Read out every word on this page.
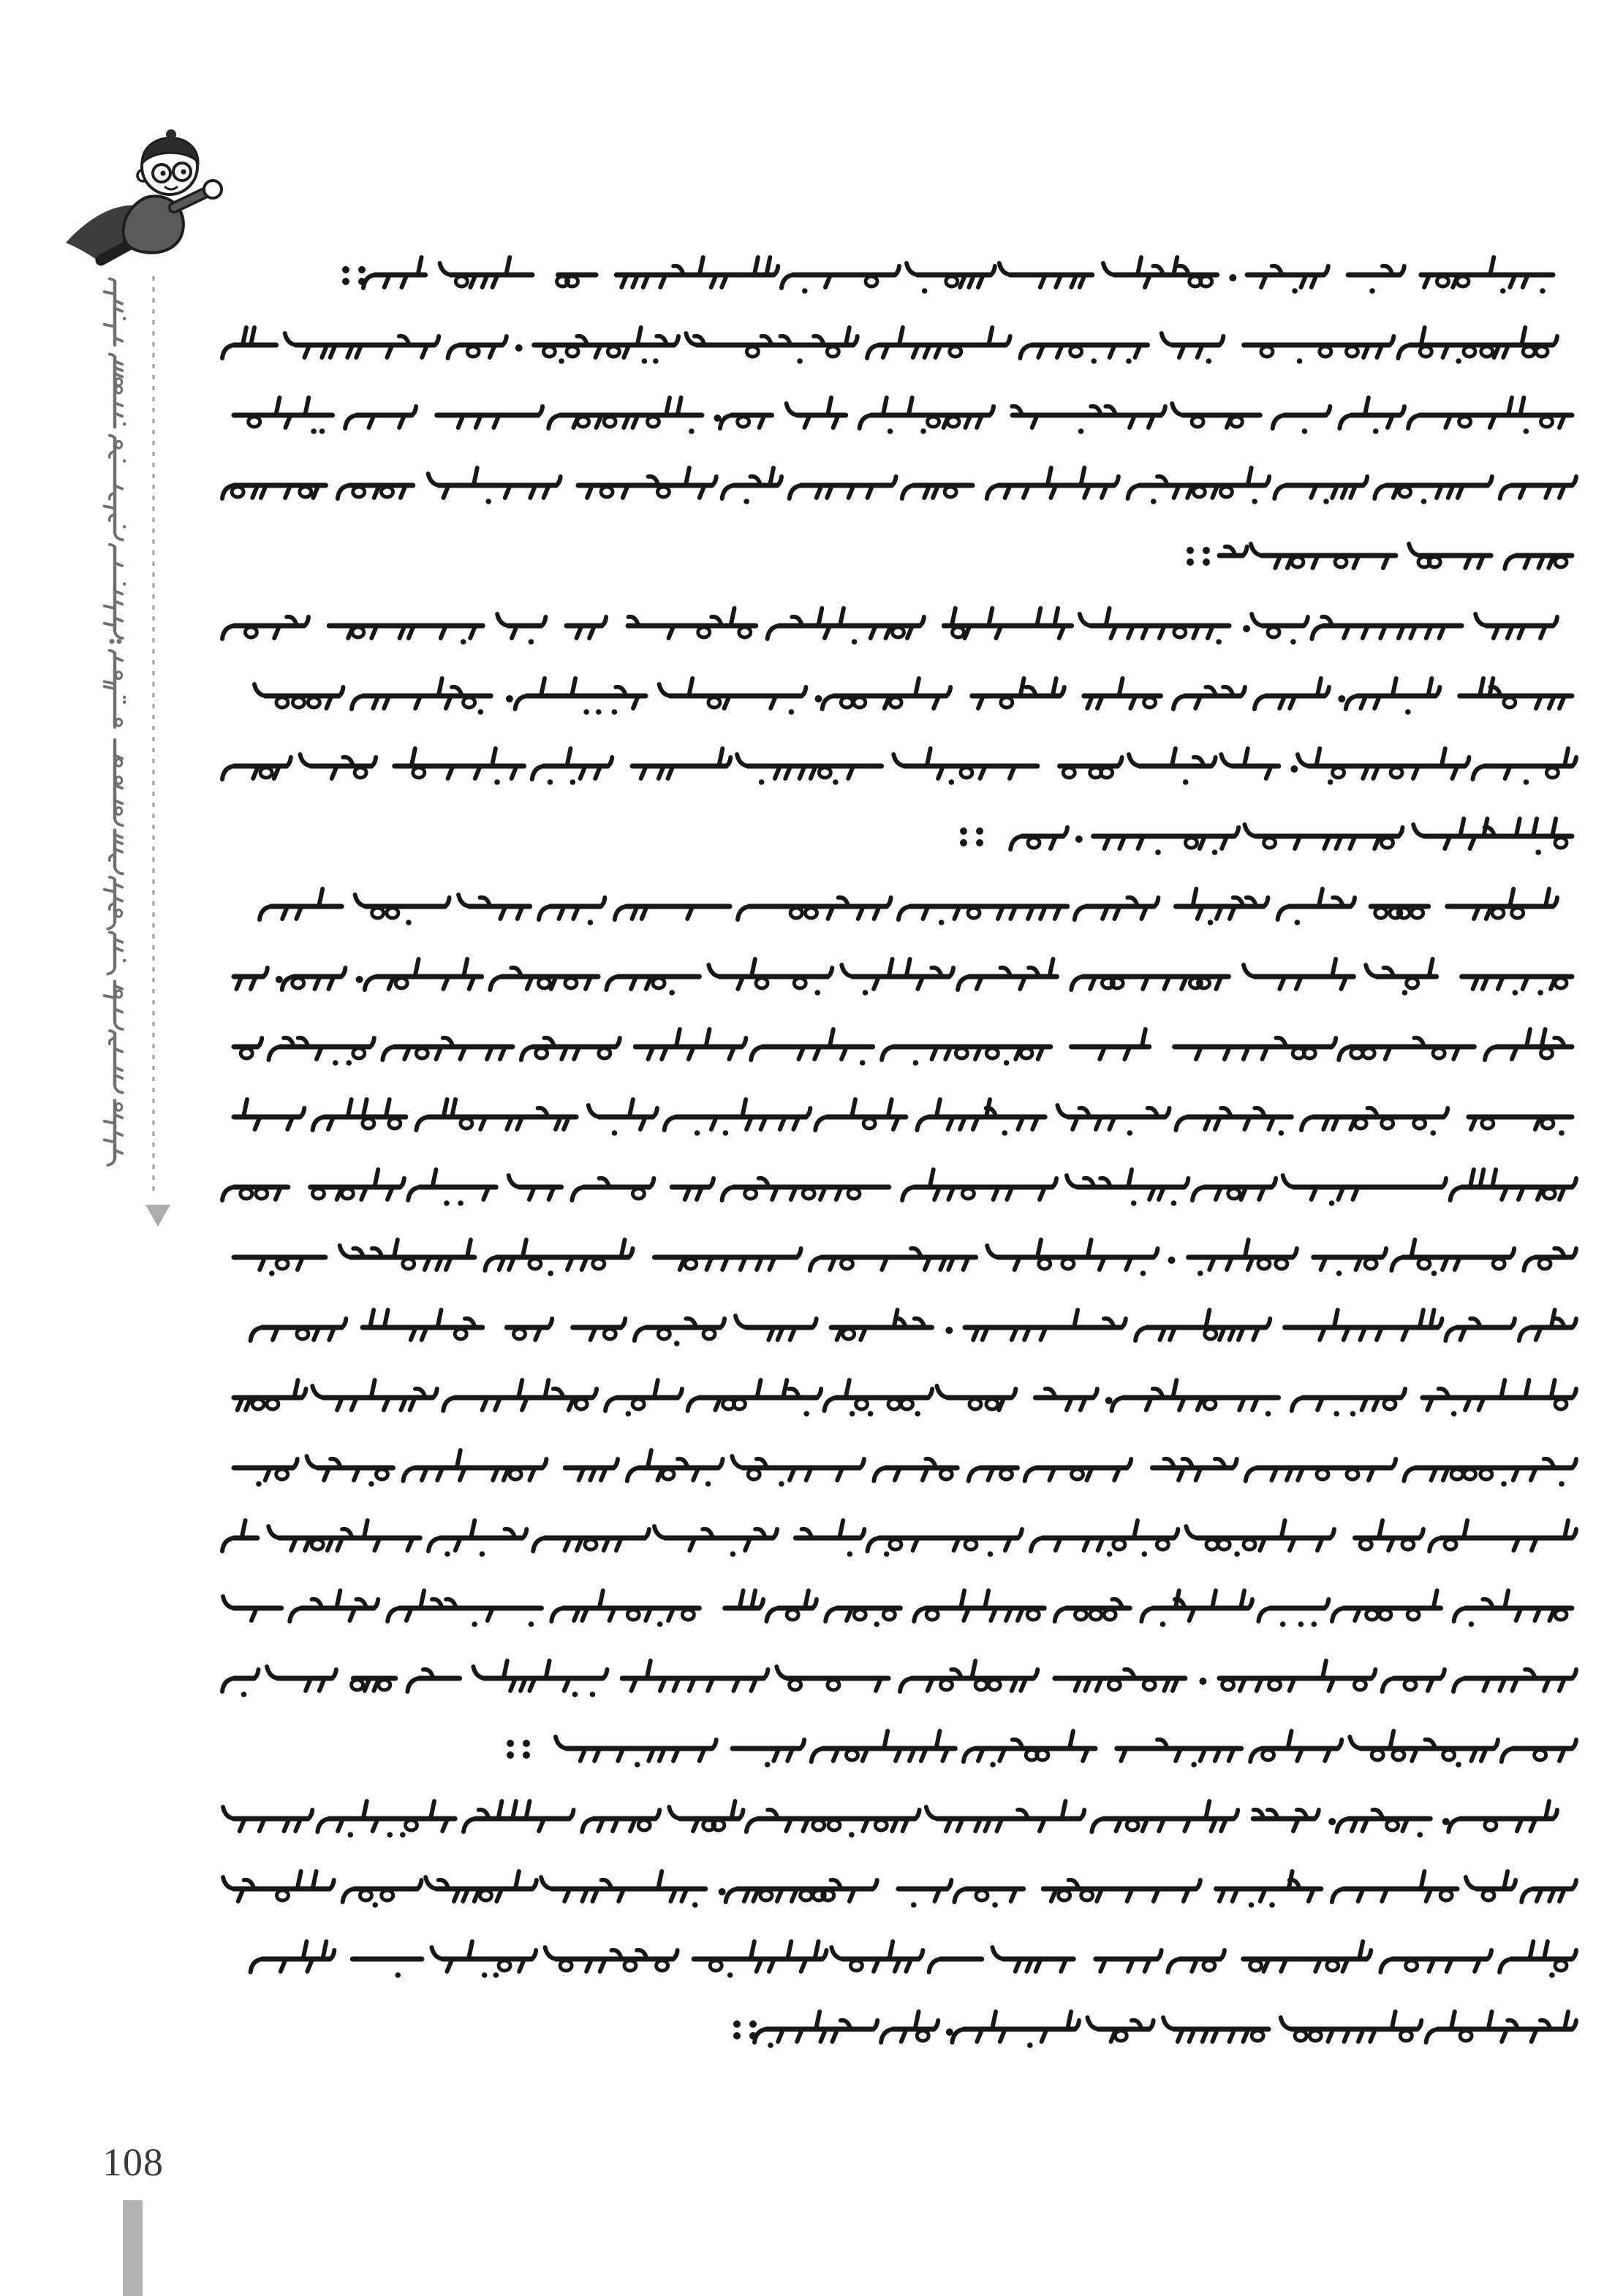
108
